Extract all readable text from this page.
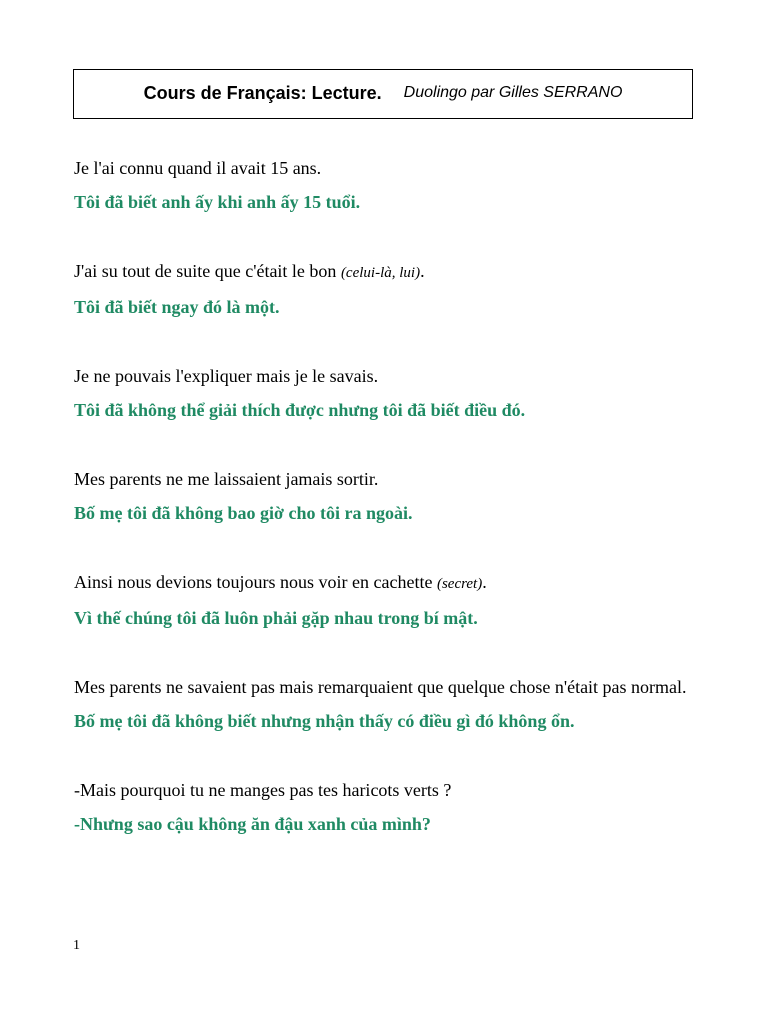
Cours de Français: Lecture. Duolingo par Gilles SERRANO

Je l'ai connu quand il avait 15 ans.

Tôi đã biết anh ấy khi anh ấy 15 tuổi.

J'ai su tout de suite que c'était le bon (celui-là, lui).

Tôi đã biết ngay đó là một.

Je ne pouvais l'expliquer mais je le savais.

Tôi đã không thể giải thích được nhưng tôi đã biết điều đó.

Mes parents ne me laissaient jamais sortir.

Bố mẹ tôi đã không bao giờ cho tôi ra ngoài.

Ainsi nous devions toujours nous voir en cachette (secret).

Vì thế chúng tôi đã luôn phải gặp nhau trong bí mật.

Mes parents ne savaient pas mais remarquaient que quelque chose n'était pas normal.

Bố mẹ tôi đã không biết nhưng nhận thấy có điều gì đó không ổn.

-Mais pourquoi tu ne manges pas tes haricots verts ?

-Nhưng sao cậu không ăn đậu xanh của mình?

1
